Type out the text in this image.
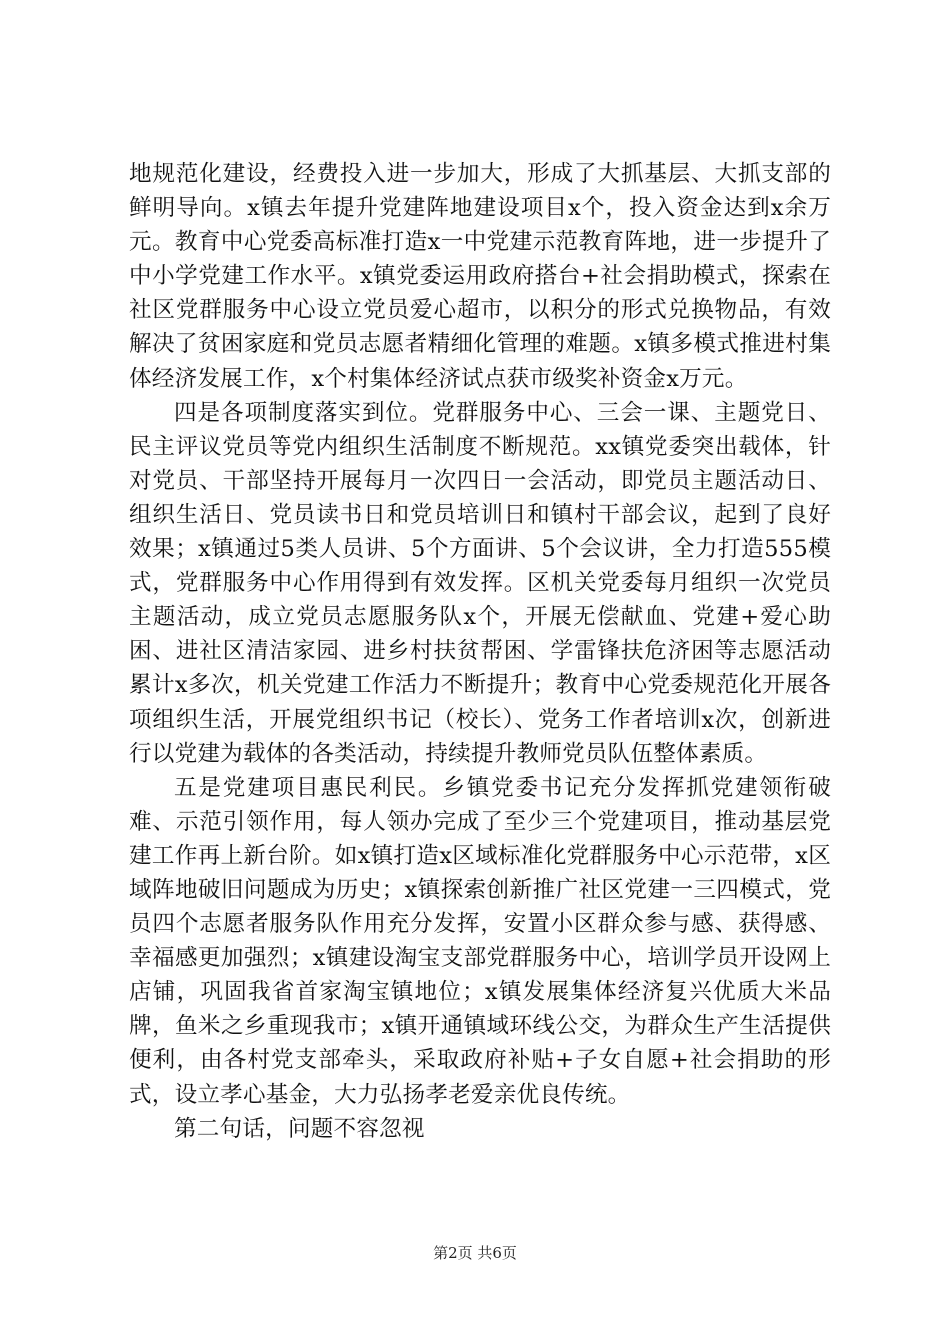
地规范化建设，经费投入进一步加大，形成了大抓基层、大抓支部的鲜明导向。x镇去年提升党建阵地建设项目x个，投入资金达到x余万元。教育中心党委高标准打造x一中党建示范教育阵地，进一步提升了中小学党建工作水平。x镇党委运用政府搭台+社会捐助模式，探索在社区党群服务中心设立党员爱心超市，以积分的形式兑换物品，有效解决了贫困家庭和党员志愿者精细化管理的难题。x镇多模式推进村集体经济发展工作，x个村集体经济试点获市级奖补资金x万元。

四是各项制度落实到位。党群服务中心、三会一课、主题党日、民主评议党员等党内组织生活制度不断规范。xx镇党委突出载体，针对党员、干部坚持开展每月一次四日一会活动，即党员主题活动日、组织生活日、党员读书日和党员培训日和镇村干部会议，起到了良好效果；x镇通过5类人员讲、5个方面讲、5个会议讲，全力打造555模式，党群服务中心作用得到有效发挥。区机关党委每月组织一次党员主题活动，成立党员志愿服务队x个，开展无偿献血、党建+爱心助困、进社区清洁家园、进乡村扶贫帮困、学雷锋扶危济困等志愿活动累计x多次，机关党建工作活力不断提升；教育中心党委规范化开展各项组织生活，开展党组织书记（校长）、党务工作者培训x次，创新进行以党建为载体的各类活动，持续提升教师党员队伍整体素质。

五是党建项目惠民利民。乡镇党委书记充分发挥抓党建领衔破难、示范引领作用，每人领办完成了至少三个党建项目，推动基层党建工作再上新台阶。如x镇打造x区域标准化党群服务中心示范带，x区域阵地破旧问题成为历史；x镇探索创新推广社区党建一三四模式，党员四个志愿者服务队作用充分发挥，安置小区群众参与感、获得感、幸福感更加强烈；x镇建设淘宝支部党群服务中心，培训学员开设网上店铺，巩固我省首家淘宝镇地位；x镇发展集体经济复兴优质大米品牌，鱼米之乡重现我市；x镇开通镇域环线公交，为群众生产生活提供便利，由各村党支部牵头，采取政府补贴+子女自愿+社会捐助的形式，设立孝心基金，大力弘扬孝老爱亲优良传统。

第二句话，问题不容忽视

第2页 共6页
